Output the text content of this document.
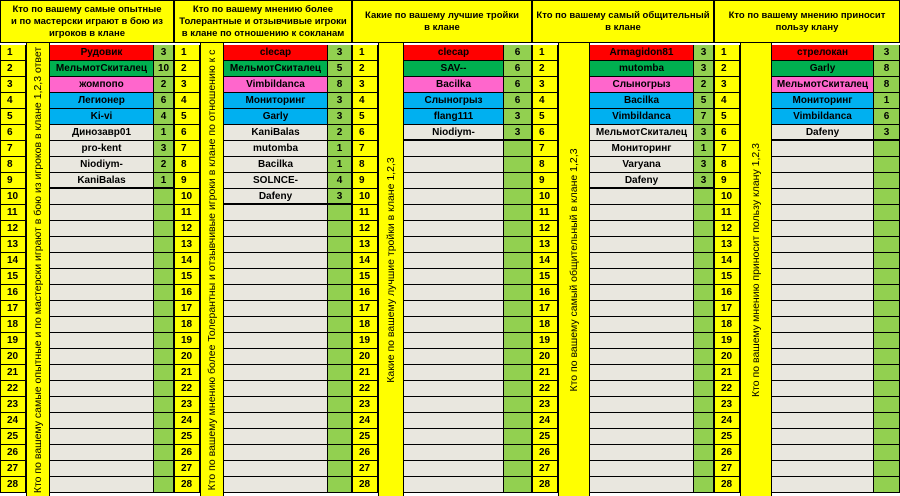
Кто по вашему самые опытные
и по мастерски играют в бою из
игроков в клане
Кто по вашему самые опытные и по мастерски играют в бою из игроков в клане 1,2,3 ответ
1	Рудовик	3
2	МельмотСкиталец	10
3	жомпопо	2
4	Легионер	6
5	Ki-vi	4
6	Динозавр01	1
7	pro-kent	3
8	Niodiym-	2
9	KaniBalas	1
10
11
12
13
14
15
16
17
18
19
20
21
22
23
24
25
26
27
28
Кто по вашему мнению более
Толерантные и отзывчивые игроки
в клане по отношению к сокланам
Кто по вашему мнению более Толерантны и отзывчивые игроки в клане по отношению к с
1	clecap	3
2	МельмотСкиталец	5
3	Vimbildanca	8
4	Мониторинг	3
5	Garly	3
6	KaniBalas	2
7	mutomba	1
8	Bacilka	1
9	SOLNCE-	4
10	Dafeny	3
11
12
13
14
15
16
17
18
19
20
21
22
23
24
25
26
27
28
Какие по вашему лучшие тройки
в клане
Какие по вашему лучшие тройки в клане 1,2,3
1	clecap	6
2	SAV--	6
3	Bacilka	6
4	Слыногрыз	6
5	flang111	3
6	Niodiym-	3
7
8
9
10
11
12
13
14
15
16
17
18
19
20
21
22
23
24
25
26
27
28
Кто по вашему самый общительный
в клане
Кто по вашему самый общительный в клане 1,2,3
1	Armagidon81	3
2	mutomba	3
3	Слыногрыз	2
4	Bacilka	5
5	Vimbildanca	7
6	МельмотСкиталец	3
7	Мониторинг	1
8	Varyana	3
9	Dafeny	3
10
11
12
13
14
15
16
17
18
19
20
21
22
23
24
25
26
27
28
Кто по вашему мнению приносит
пользу клану
Кто по вашему мнению приносит пользу клану 1,2,3
1	стрелокан	3
2	Garly	8
3	МельмотСкиталец	8
4	Мониторинг	1
5	Vimbildanca	6
6	Dafeny	3
7
8
9
10
11
12
13
14
15
16
17
18
19
20
21
22
23
24
25
26
27
28
